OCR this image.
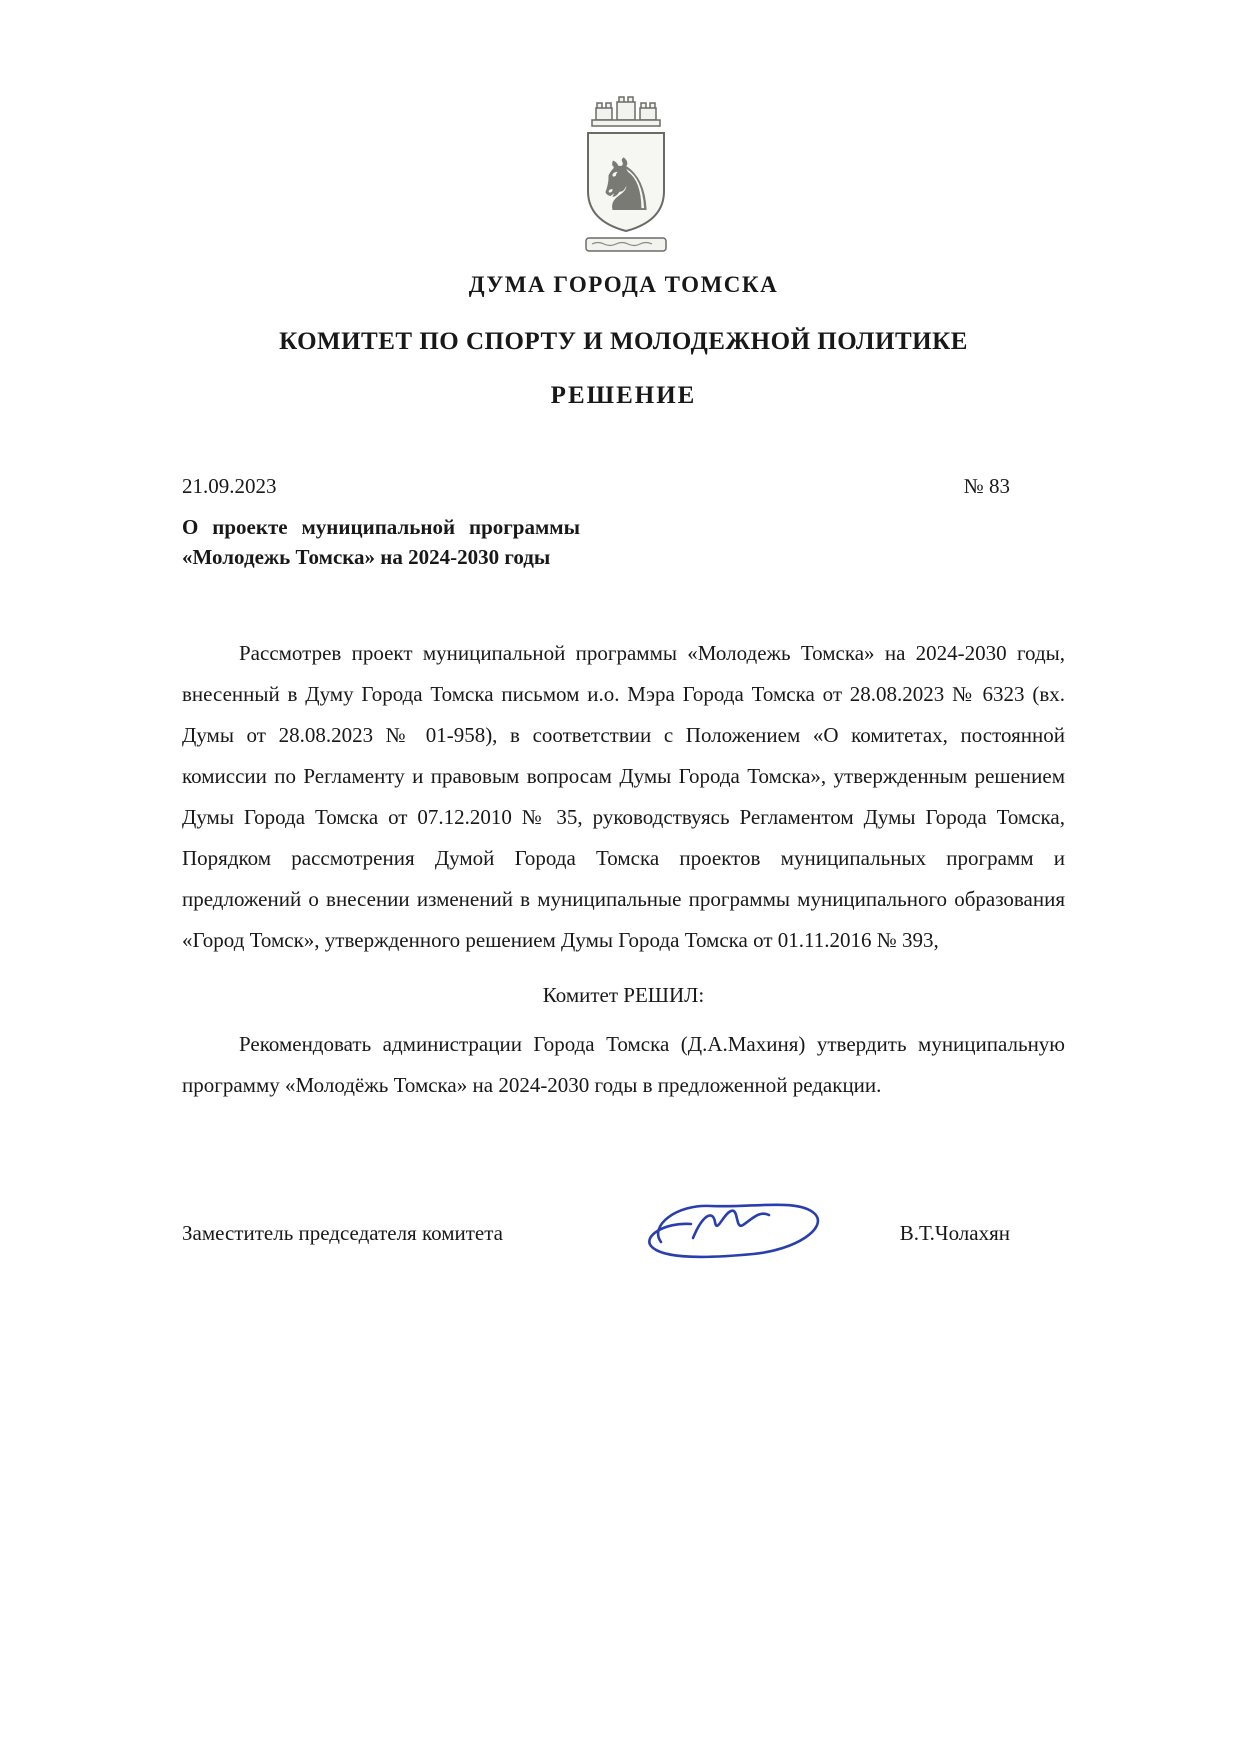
♞
ДУМА ГОРОДА ТОМСКА
КОМИТЕТ ПО СПОРТУ И МОЛОДЕЖНОЙ ПОЛИТИКЕ
РЕШЕНИЕ
21.09.2023	№ 83
О проекте муниципальной программы «Молодежь Томска» на 2024-2030 годы

Рассмотрев проект муниципальной программы «Молодежь Томска» на 2024-2030 годы, внесенный в Думу Города Томска письмом и.о. Мэра Города Томска от 28.08.2023 № 6323 (вх. Думы от 28.08.2023 № 01-958), в соответствии с Положением «О комитетах, постоянной комиссии по Регламенту и правовым вопросам Думы Города Томска», утвержденным решением Думы Города Томска от 07.12.2010 № 35, руководствуясь Регламентом Думы Города Томска, Порядком рассмотрения Думой Города Томска проектов муниципальных программ и предложений о внесении изменений в муниципальные программы муниципального образования «Город Томск», утвержденного решением Думы Города Томска от 01.11.2016 № 393,

Комитет РЕШИЛ:

Рекомендовать администрации Города Томска (Д.А.Махиня) утвердить муниципальную программу «Молодёжь Томска» на 2024-2030 годы в предложенной редакции.

Заместитель председателя комитета	В.Т.Чолахян
